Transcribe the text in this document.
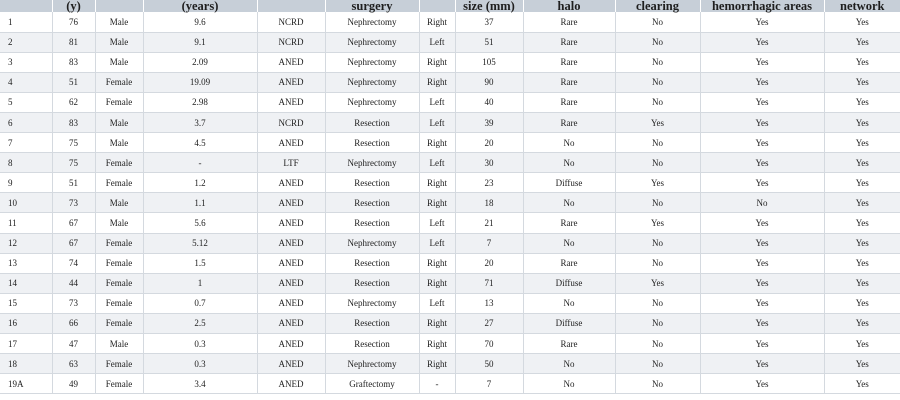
	(y)		(years)		surgery		size (mm)	halo	clearing	hemorrhagic areas	network
1	76	Male	9.6	NCRD	Nephrectomy	Right	37	Rare	No	Yes	Yes
2	81	Male	9.1	NCRD	Nephrectomy	Left	51	Rare	No	Yes	Yes
3	83	Male	2.09	ANED	Nephrectomy	Right	105	Rare	No	Yes	Yes
4	51	Female	19.09	ANED	Nephrectomy	Right	90	Rare	No	Yes	Yes
5	62	Female	2.98	ANED	Nephrectomy	Left	40	Rare	No	Yes	Yes
6	83	Male	3.7	NCRD	Resection	Left	39	Rare	Yes	Yes	Yes
7	75	Male	4.5	ANED	Resection	Right	20	No	No	Yes	Yes
8	75	Female	-	LTF	Nephrectomy	Left	30	No	No	Yes	Yes
9	51	Female	1.2	ANED	Resection	Right	23	Diffuse	Yes	Yes	Yes
10	73	Male	1.1	ANED	Resection	Right	18	No	No	No	Yes
11	67	Male	5.6	ANED	Resection	Left	21	Rare	Yes	Yes	Yes
12	67	Female	5.12	ANED	Nephrectomy	Left	7	No	No	Yes	Yes
13	74	Female	1.5	ANED	Resection	Right	20	Rare	No	Yes	Yes
14	44	Female	1	ANED	Resection	Right	71	Diffuse	Yes	Yes	Yes
15	73	Female	0.7	ANED	Nephrectomy	Left	13	No	No	Yes	Yes
16	66	Female	2.5	ANED	Resection	Right	27	Diffuse	No	Yes	Yes
17	47	Male	0.3	ANED	Resection	Right	70	Rare	No	Yes	Yes
18	63	Female	0.3	ANED	Nephrectomy	Right	50	No	No	Yes	Yes
19A	49	Female	3.4	ANED	Graftectomy	-	7	No	No	Yes	Yes
